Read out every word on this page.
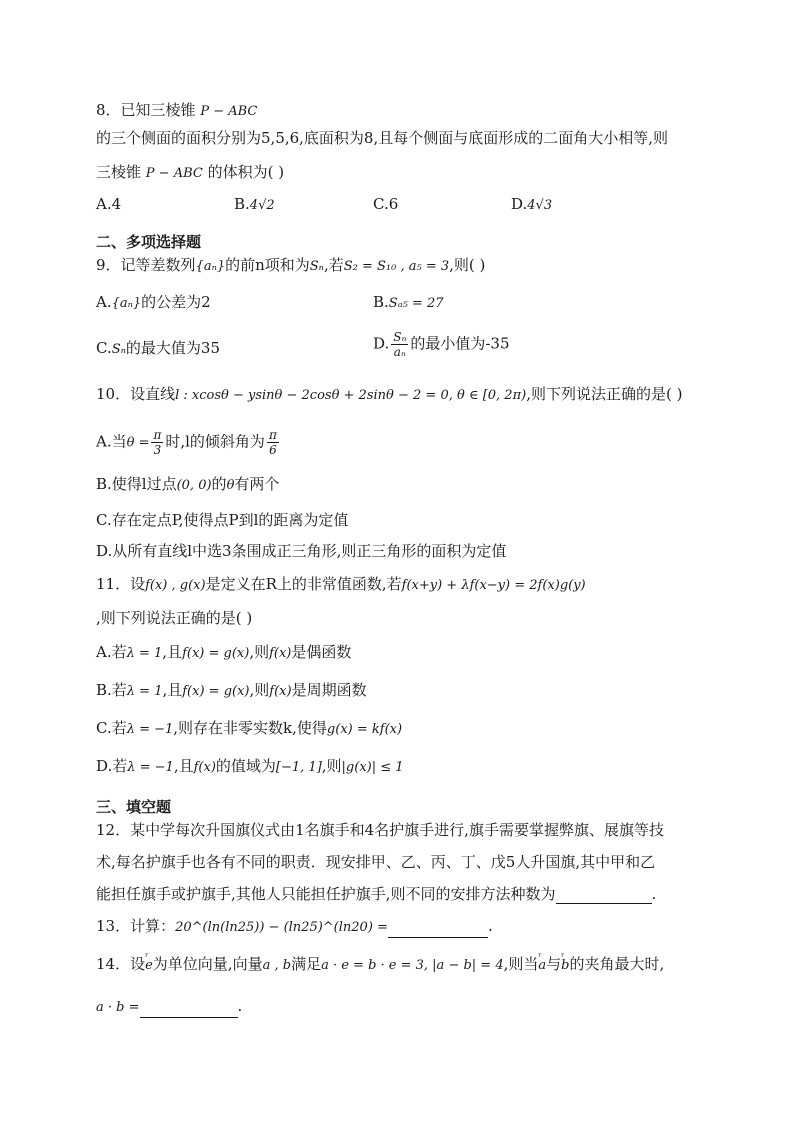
8．已知三棱锥 P − ABC
的三个侧面的面积分别为5,5,6,底面积为8,且每个侧面与底面形成的二面角大小相等,则
三棱锥 P − ABC 的体积为( )
A.4	B.4√2	C.6	D.4√3
二、多项选择题
9．记等差数列{aₙ}的前n项和为Sₙ,若S₂ = S₁₀ , a₅ = 3,则( )
A.{aₙ}的公差为2	B.Sₐ₅ = 27
C.Sₙ的最大值为35	D. $\frac{\text{Sₙ}}{\text{aₙ}}$ 的最小值为-35
10．设直线l : xcosθ − ysinθ − 2cosθ + 2sinθ − 2 = 0, θ ∈ [0, 2π),则下列说法正确的是( )
A.当$\theta = \frac{\pi}{3}$ 时,l的倾斜角为 $\frac{\pi}{6}$
B.使得l过点(0, 0)的θ有两个
C.存在定点P,使得点P到l的距离为定值
D.从所有直线l中选3条围成正三角形,则正三角形的面积为定值
11．设f(x) , g(x)是定义在R上的非常值函数,若f(x+y) + λf(x−y) = 2f(x)g(y)
,则下列说法正确的是( )
A.若λ = 1,且f(x) = g(x),则f(x)是偶函数
B.若λ = 1,且f(x) = g(x),则f(x)是周期函数
C.若λ = −1,则存在非零实数k,使得g(x) = kf(x)
D.若λ = −1,且f(x)的值域为[−1, 1],则|g(x)| ≤ 1
三、填空题
12．某中学每次升国旗仪式由1名旗手和4名护旗手进行,旗手需要掌握弊旗、展旗等技
术,每名护旗手也各有不同的职责．现安排甲、乙、丙、丁、戊5人升国旗,其中甲和乙
能担任旗手或护旗手,其他人只能担任护旗手,则不同的安排方法种数为	.
13．计算：20^(ln(ln25)) − (ln25)^(ln20) =	.
14．设ʳ e为单位向量,向量a , b满足a · e = b · e = 3, |a − b| = 4,则当ʳ a与ʳ b的夹角最大时,
a · b =	.
